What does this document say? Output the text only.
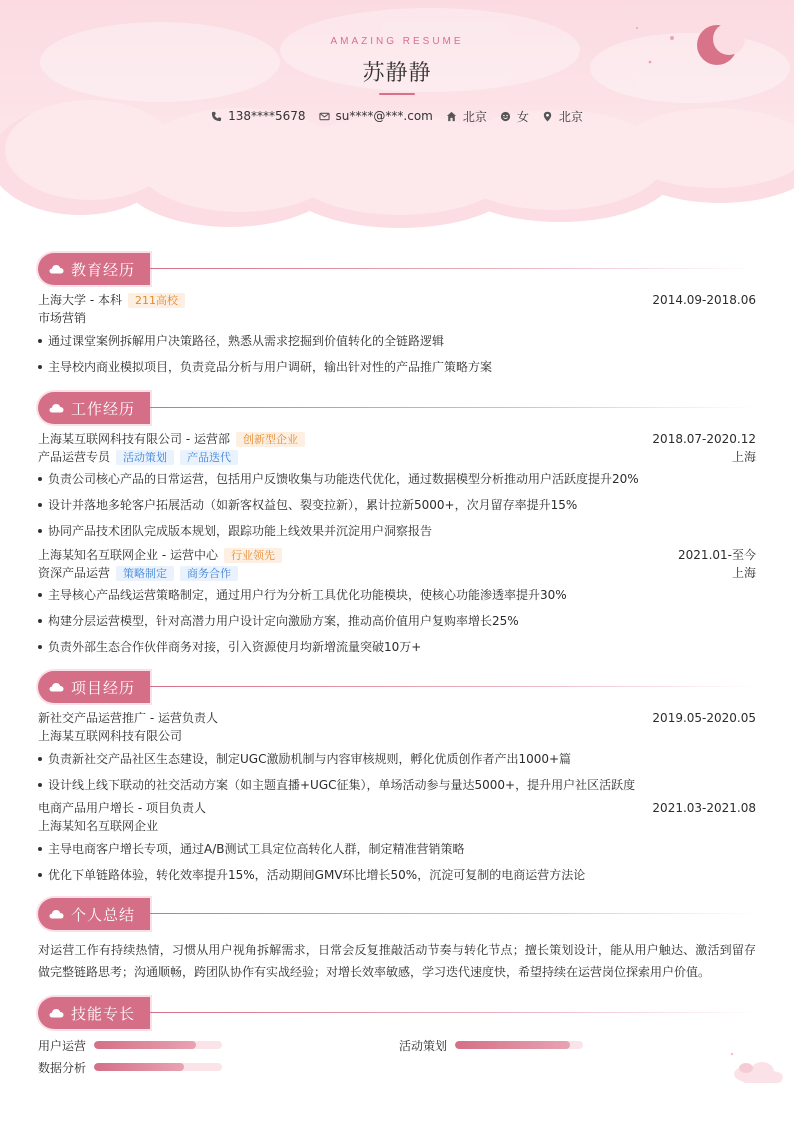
AMAZING RESUME
苏静静
138****5678	su****@***.com	北京	女	北京
教育经历
上海大学 - 本科	211高校	2014.09-2018.06
市场营销
通过课堂案例拆解用户决策路径，熟悉从需求挖掘到价值转化的全链路逻辑
主导校内商业模拟项目，负责竞品分析与用户调研，输出针对性的产品推广策略方案
工作经历
上海某互联网科技有限公司 - 运营部	创新型企业	2018.07-2020.12
产品运营专员	活动策划	产品迭代	上海
负责公司核心产品的日常运营，包括用户反馈收集与功能迭代优化，通过数据模型分析推动用户活跃度提升20%
设计并落地多轮客户拓展活动（如新客权益包、裂变拉新），累计拉新5000+，次月留存率提升15%
协同产品技术团队完成版本规划，跟踪功能上线效果并沉淀用户洞察报告
上海某知名互联网企业 - 运营中心	行业领先	2021.01-至今
资深产品运营	策略制定	商务合作	上海
主导核心产品线运营策略制定，通过用户行为分析工具优化功能模块，使核心功能渗透率提升30%
构建分层运营模型，针对高潜力用户设计定向激励方案，推动高价值用户复购率增长25%
负责外部生态合作伙伴商务对接，引入资源使月均新增流量突破10万+
项目经历
新社交产品运营推广 - 运营负责人	2019.05-2020.05
上海某互联网科技有限公司
负责新社交产品社区生态建设，制定UGC激励机制与内容审核规则，孵化优质创作者产出1000+篇
设计线上线下联动的社交活动方案（如主题直播+UGC征集），单场活动参与量达5000+，提升用户社区活跃度
电商产品用户增长 - 项目负责人	2021.03-2021.08
上海某知名互联网企业
主导电商客户增长专项，通过A/B测试工具定位高转化人群，制定精准营销策略
优化下单链路体验，转化效率提升15%，活动期间GMV环比增长50%，沉淀可复制的电商运营方法论
个人总结

对运营工作有持续热情，习惯从用户视角拆解需求，日常会反复推敲活动节奏与转化节点；擅长策划设计，能从用户触达、激活到留存做完整链路思考；沟通顺畅，跨团队协作有实战经验；对增长效率敏感，学习迭代速度快，希望持续在运营岗位探索用户价值。

技能专长
用户运营	活动策划
数据分析
